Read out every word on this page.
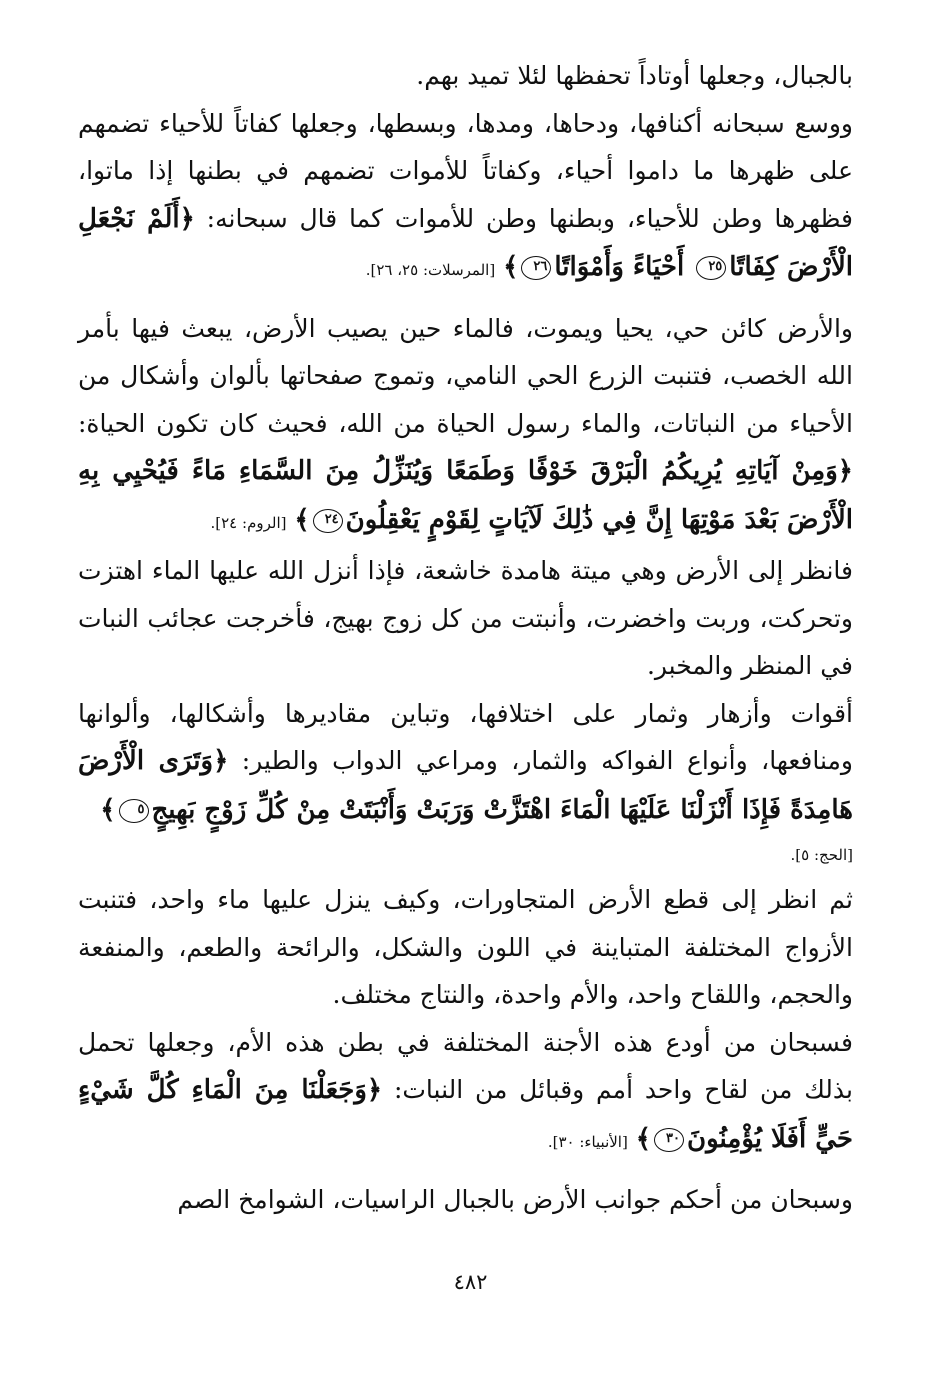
بالجبال، وجعلها أوتاداً تحفظها لئلا تميد بهم.

ووسع سبحانه أكنافها، ودحاها، ومدها، وبسطها، وجعلها كفاتاً للأحياء تضمهم على ظهرها ما داموا أحياء، وكفاتاً للأموات تضمهم في بطنها إذا ماتوا، فظهرها وطن للأحياء، وبطنها وطن للأموات كما قال سبحانه: ﴿أَلَمْ نَجْعَلِ الْأَرْضَ كِفَاتًا٢٥ أَحْيَاءً وَأَمْوَاتًا٢٦﴾ [المرسلات: ٢٥، ٢٦].

والأرض كائن حي، يحيا ويموت، فالماء حين يصيب الأرض، يبعث فيها بأمر الله الخصب، فتنبت الزرع الحي النامي، وتموج صفحاتها بألوان وأشكال من الأحياء من النباتات، والماء رسول الحياة من الله، فحيث كان تكون الحياة: ﴿وَمِنْ آيَاتِهِ يُرِيكُمُ الْبَرْقَ خَوْفًا وَطَمَعًا وَيُنَزِّلُ مِنَ السَّمَاءِ مَاءً فَيُحْيِي بِهِ الْأَرْضَ بَعْدَ مَوْتِهَا إِنَّ فِي ذَٰلِكَ لَآيَاتٍ لِقَوْمٍ يَعْقِلُونَ٢٤﴾ [الروم: ٢٤].

فانظر إلى الأرض وهي ميتة هامدة خاشعة، فإذا أنزل الله عليها الماء اهتزت وتحركت، وربت واخضرت، وأنبتت من كل زوج بهيج، فأخرجت عجائب النبات في المنظر والمخبر.

أقوات وأزهار وثمار على اختلافها، وتباين مقاديرها وأشكالها، وألوانها ومنافعها، وأنواع الفواكه والثمار، ومراعي الدواب والطير: ﴿وَتَرَى الْأَرْضَ هَامِدَةً فَإِذَا أَنْزَلْنَا عَلَيْهَا الْمَاءَ اهْتَزَّتْ وَرَبَتْ وَأَنْبَتَتْ مِنْ كُلِّ زَوْجٍ بَهِيجٍ٥﴾

[الحج: ٥].

ثم انظر إلى قطع الأرض المتجاورات، وكيف ينزل عليها ماء واحد، فتنبت الأزواج المختلفة المتباينة في اللون والشكل، والرائحة والطعم، والمنفعة والحجم، واللقاح واحد، والأم واحدة، والنتاج مختلف.

فسبحان من أودع هذه الأجنة المختلفة في بطن هذه الأم، وجعلها تحمل بذلك من لقاح واحد أمم وقبائل من النبات: ﴿وَجَعَلْنَا مِنَ الْمَاءِ كُلَّ شَيْءٍ حَيٍّ أَفَلَا يُؤْمِنُونَ٣٠﴾ [الأنبياء: ٣٠].

وسبحان من أحكم جوانب الأرض بالجبال الراسيات، الشوامخ الصم

٤٨٢
